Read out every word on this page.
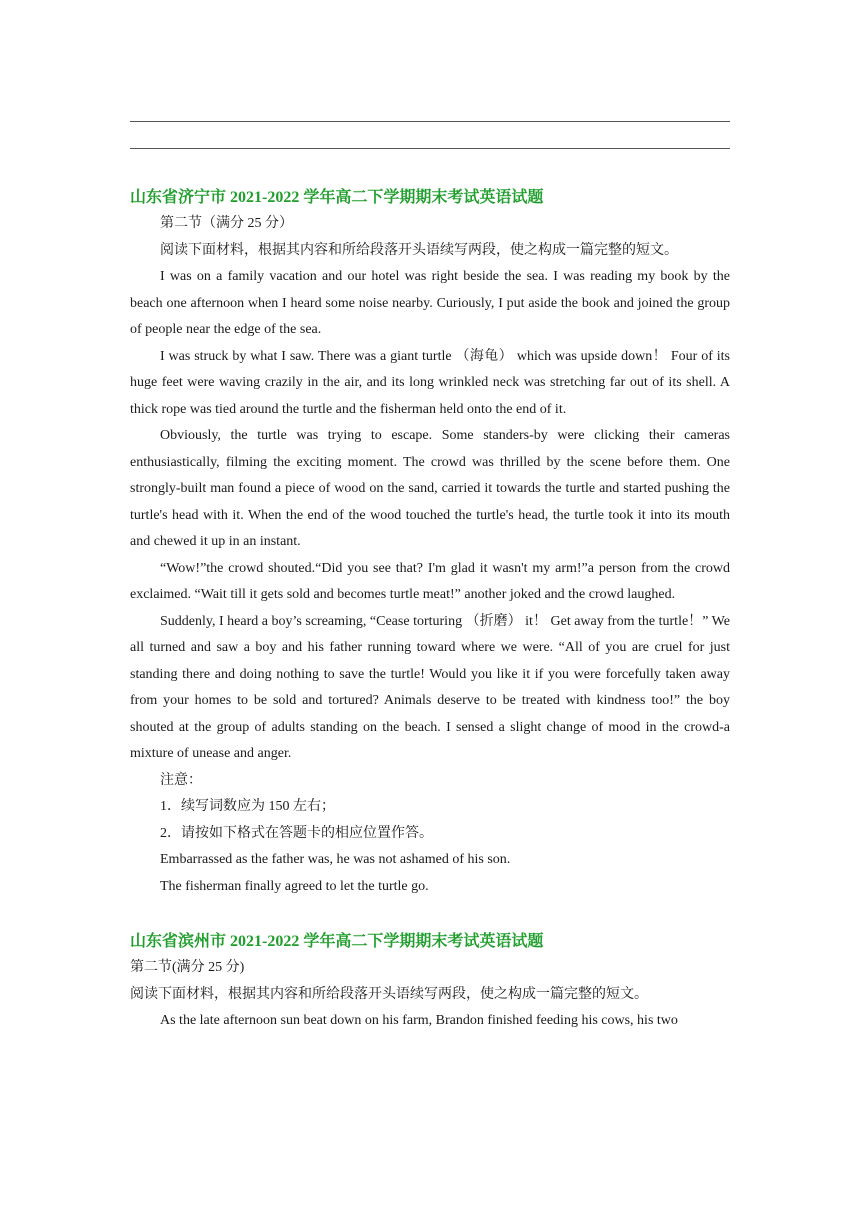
山东省济宁市 2021-2022 学年高二下学期期末考试英语试题

第二节（满分 25 分）

阅读下面材料，根据其内容和所给段落开头语续写两段，使之构成一篇完整的短文。

I was on a family vacation and our hotel was right beside the sea. I was reading my book by the beach one afternoon when I heard some noise nearby. Curiously, I put aside the book and joined the group of people near the edge of the sea.

I was struck by what I saw. There was a giant turtle （海龟） which was upside down！ Four of its huge feet were waving crazily in the air, and its long wrinkled neck was stretching far out of its shell. A thick rope was tied around the turtle and the fisherman held onto the end of it.

Obviously, the turtle was trying to escape. Some standers-by were clicking their cameras enthusiastically, filming the exciting moment. The crowd was thrilled by the scene before them. One strongly-built man found a piece of wood on the sand, carried it towards the turtle and started pushing the turtle's head with it. When the end of the wood touched the turtle's head, the turtle took it into its mouth and chewed it up in an instant.

“Wow!”the crowd shouted.“Did you see that? I'm glad it wasn't my arm!”a person from the crowd exclaimed. “Wait till it gets sold and becomes turtle meat!” another joked and the crowd laughed.

Suddenly, I heard a boy’s screaming, “Cease torturing （折磨） it！ Get away from the turtle！” We all turned and saw a boy and his father running toward where we were. “All of you are cruel for just standing there and doing nothing to save the turtle! Would you like it if you were forcefully taken away from your homes to be sold and tortured? Animals deserve to be treated with kindness too!” the boy shouted at the group of adults standing on the beach. I sensed a slight change of mood in the crowd-a mixture of unease and anger.

注意：

1．续写词数应为 150 左右；

2．请按如下格式在答题卡的相应位置作答。

Embarrassed as the father was, he was not ashamed of his son.

The fisherman finally agreed to let the turtle go.

山东省滨州市 2021-2022 学年高二下学期期末考试英语试题

第二节(满分 25 分)

阅读下面材料，根据其内容和所给段落开头语续写两段，使之构成一篇完整的短文。

As the late afternoon sun beat down on his farm, Brandon finished feeding his cows, his two
